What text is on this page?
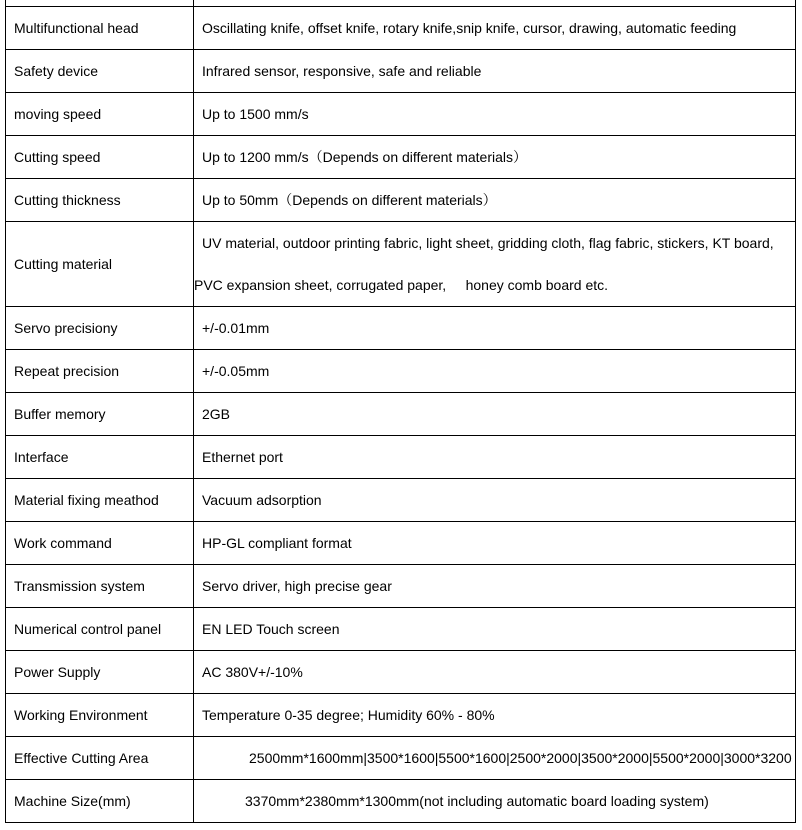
Multifunctional head	Oscillating knife, offset knife, rotary knife,snip knife, cursor, drawing, automatic feeding
Safety device	Infrared sensor, responsive, safe and reliable
moving speed	Up to 1500 mm/s
Cutting speed	Up to 1200 mm/s（Depends on different materials）
Cutting thickness	Up to 50mm（Depends on different materials）
Cutting material	UV material, outdoor printing fabric, light sheet, gridding cloth, flag fabric, stickers, KT board,
PVC expansion sheet, corrugated paper,     honey comb board etc.

Servo precisiony	+/-0.01mm
Repeat precision	+/-0.05mm
Buffer memory	2GB
Interface	Ethernet port
Material fixing meathod	Vacuum adsorption
Work command	HP-GL compliant format
Transmission system	Servo driver, high precise gear
Numerical control panel	EN LED Touch screen
Power Supply	AC 380V+/-10%
Working Environment	Temperature 0-35 degree; Humidity 60% - 80%
Effective Cutting Area	2500mm*1600mm|3500*1600|5500*1600|2500*2000|3500*2000|5500*2000|3000*3200
Machine Size(mm)	3370mm*2380mm*1300mm(not including automatic board loading system)
